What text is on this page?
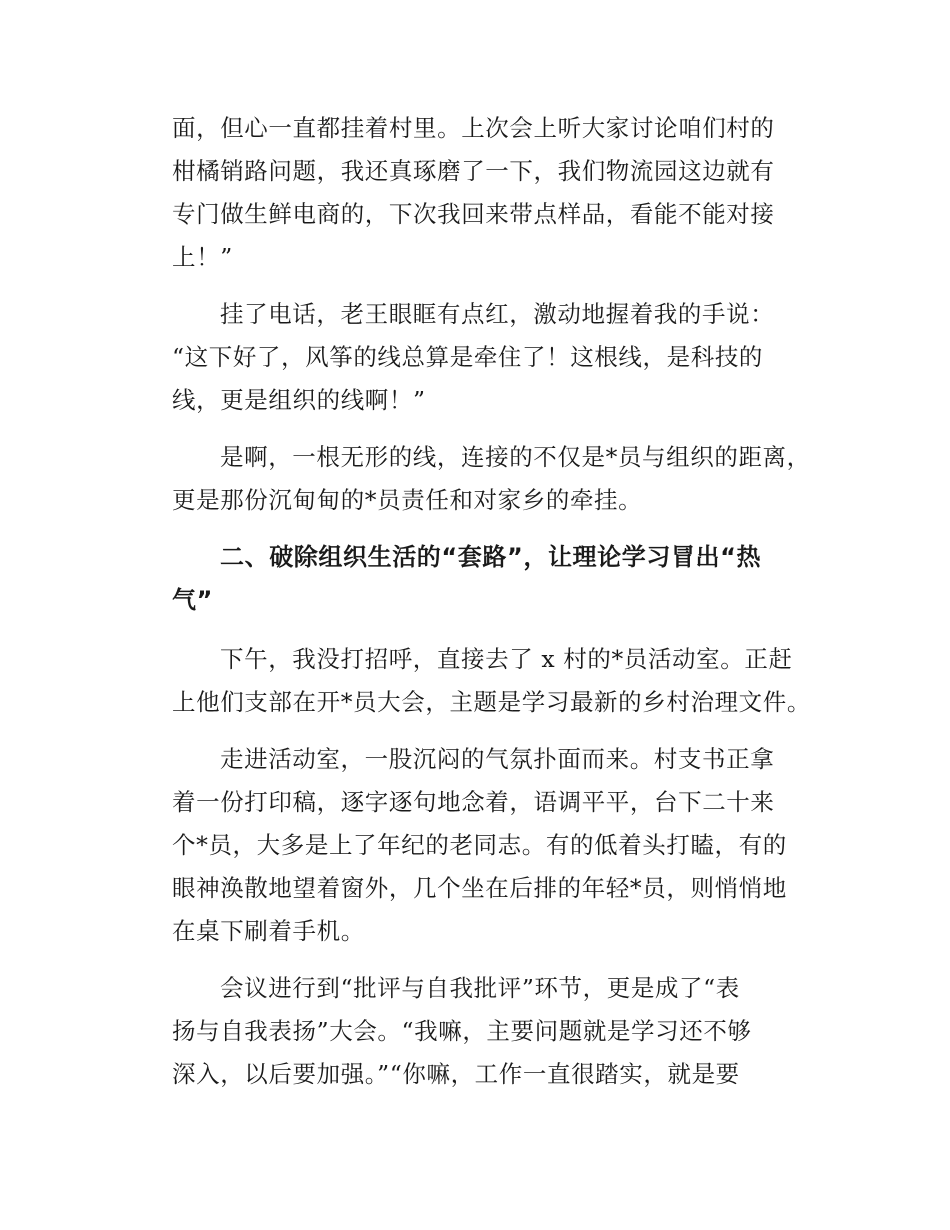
面，但心一直都挂着村里。上次会上听大家讨论咱们村的
柑橘销路问题，我还真琢磨了一下，我们物流园这边就有
专门做生鲜电商的，下次我回来带点样品，看能不能对接
上！”
挂了电话，老王眼眶有点红，激动地握着我的手说：
“这下好了，风筝的线总算是牵住了！这根线，是科技的
线，更是组织的线啊！”
是啊，一根无形的线，连接的不仅是*员与组织的距离，
更是那份沉甸甸的*员责任和对家乡的牵挂。
二、破除组织生活的“套路”，让理论学习冒出“热
气”
下午，我没打招呼，直接去了 x 村的*员活动室。正赶
上他们支部在开*员大会，主题是学习最新的乡村治理文件。
走进活动室，一股沉闷的气氛扑面而来。村支书正拿
着一份打印稿，逐字逐句地念着，语调平平，台下二十来
个*员，大多是上了年纪的老同志。有的低着头打瞌，有的
眼神涣散地望着窗外，几个坐在后排的年轻*员，则悄悄地
在桌下刷着手机。
会议进行到“批评与自我批评”环节，更是成了“表
扬与自我表扬”大会。“我嘛，主要问题就是学习还不够
深入，以后要加强。”“你嘛，工作一直很踏实，就是要
